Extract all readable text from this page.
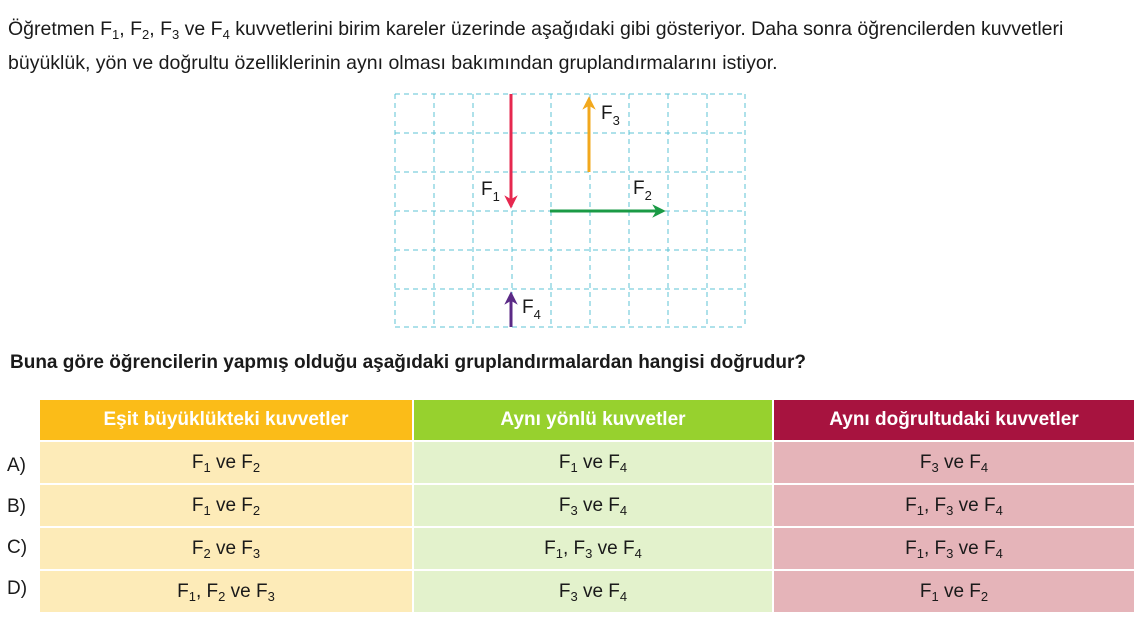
Öğretmen $F_1$, $F_2$, $F_3$ ve $F_4$ kuvvetlerini birim kareler üzerinde aşağıdaki gibi gösteriyor. Daha sonra öğrencilerden kuvvetleri

büyüklük, yön ve doğrultu özelliklerinin aynı olması bakımından gruplandırmalarını istiyor.

$F_1$	$F_2$
$F_3$
$F_4$
Buna göre öğrencilerin yapmış olduğu aşağıdaki gruplandırmalardan hangisi doğrudur?
A)
B)
C)
D)
Eşit büyüklükteki kuvvetler	Aynı yönlü kuvvetler	Aynı doğrultudaki kuvvetler
$F_1$ ve $F_2$	$F_1$ ve $F_4$	$F_3$ ve $F_4$
$F_1$ ve $F_2$	$F_3$ ve $F_4$	$F_1$, $F_3$ ve $F_4$
$F_2$ ve $F_3$	$F_1$, $F_3$ ve $F_4$	$F_1$, $F_3$ ve $F_4$
$F_1$, $F_2$ ve $F_3$	$F_3$ ve $F_4$	$F_1$ ve $F_2$
